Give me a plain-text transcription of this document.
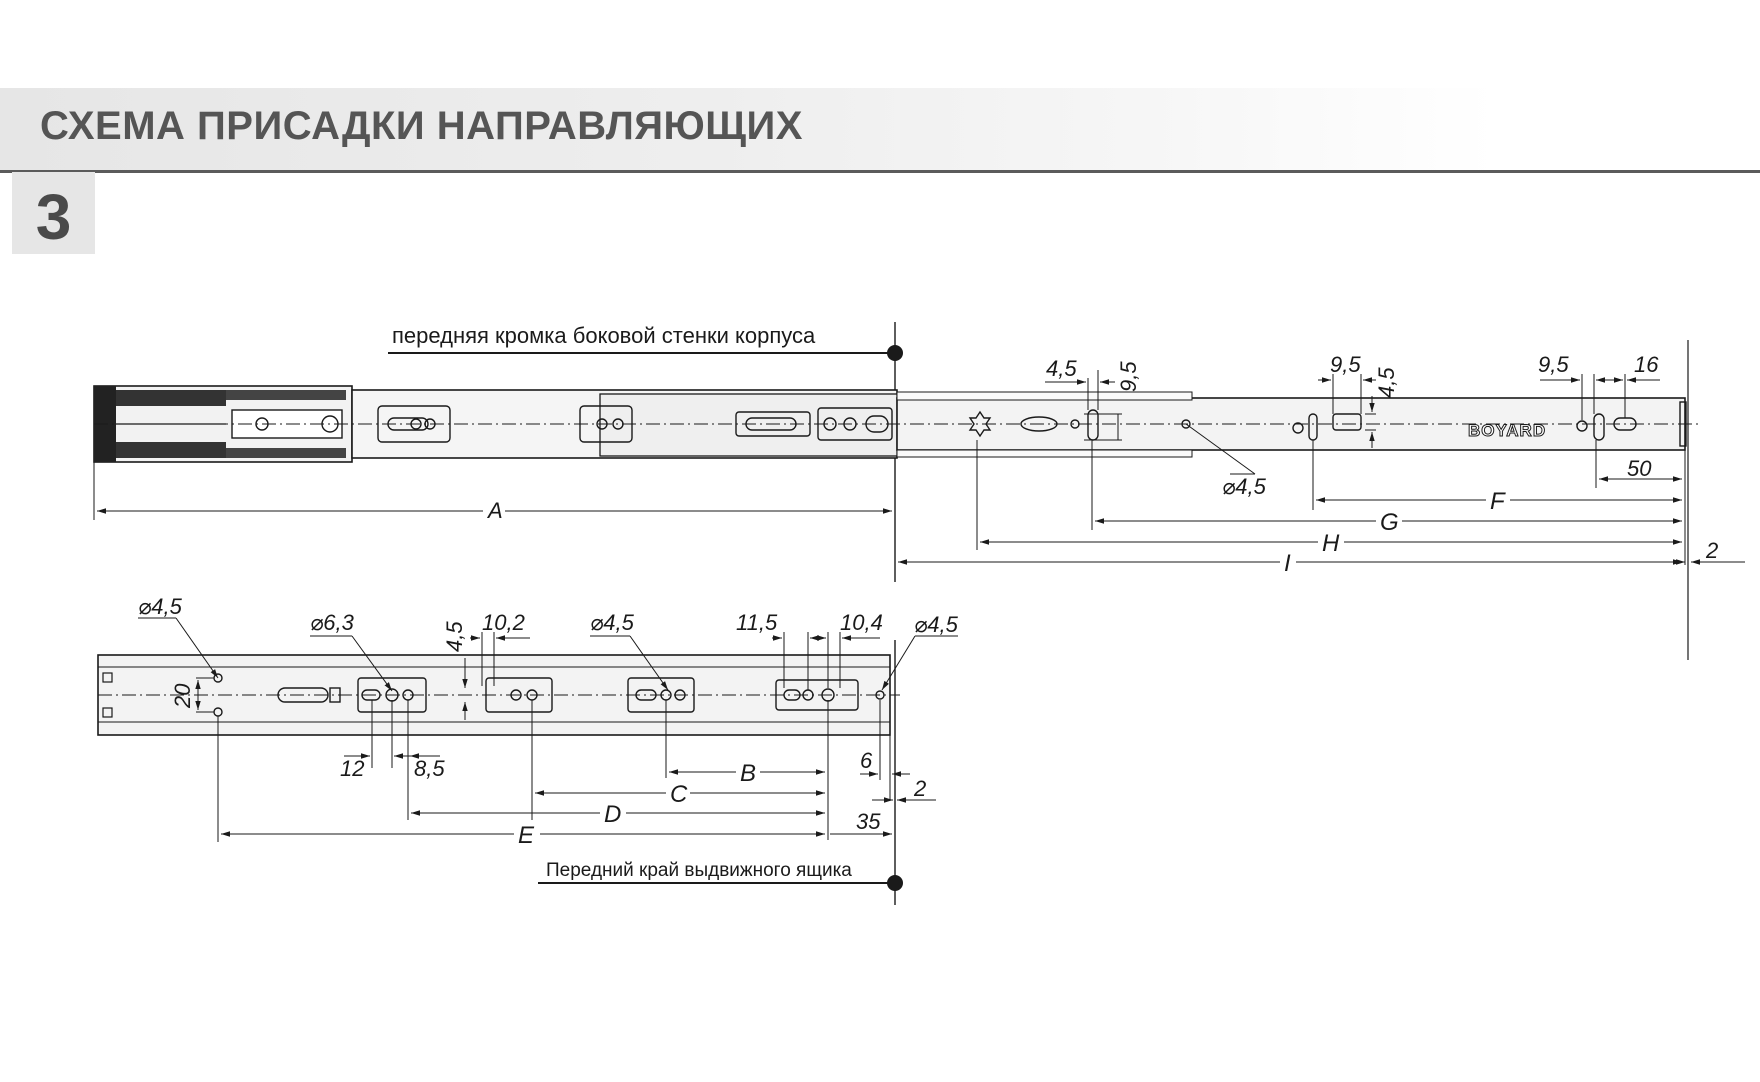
СХЕМА ПРИСАДКИ НАПРАВЛЯЮЩИХ
3
передняя кромка боковой стенки корпуса
BOYARD
A
50
F
G
H
I	2
4,5 9,5
⌀4,5
9,5
4,5
9,5	16
⌀4,5
20
⌀6,3	4,5 10,2	⌀4,5	11,5	10,4 ⌀4,5
12 8,5	6
B
C	2
D
E
35
Передний край выдвижного ящика
